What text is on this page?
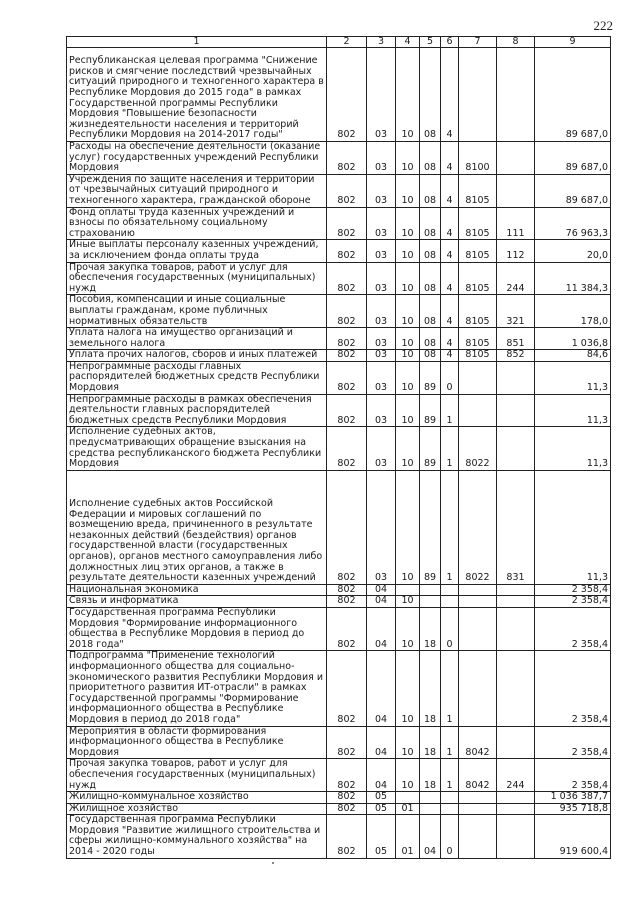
222
1	2	3	4	5	6	7	8	9
Республиканская целевая программа "Снижение рисков и смягчение последствий чрезвычайных ситуаций природного и техногенного характера в Республике Мордовия до 2015 года" в рамках Государственной программы Республики Мордовия "Повышение безопасности жизнедеятельности населения и территорий Республики Мордовия на 2014-2017 годы"	802	03	10	08	4			89 687,0
Расходы на обеспечение деятельности (оказание услуг) государственных учреждений Республики Мордовия	802	03	10	08	4	8100		89 687,0
Учреждения по защите населения и территории от чрезвычайных ситуаций природного и техногенного характера, гражданской обороне	802	03	10	08	4	8105		89 687,0
Фонд оплаты труда казенных учреждений и взносы по обязательному социальному страхованию	802	03	10	08	4	8105	111	76 963,3
Иные выплаты персоналу казенных учреждений, за исключением фонда оплаты труда	802	03	10	08	4	8105	112	20,0
Прочая закупка товаров, работ и услуг для обеспечения государственных (муниципальных) нужд	802	03	10	08	4	8105	244	11 384,3
Пособия, компенсации и иные социальные выплаты гражданам, кроме публичных нормативных обязательств	802	03	10	08	4	8105	321	178,0
Уплата налога на имущество организаций и земельного налога	802	03	10	08	4	8105	851	1 036,8
Уплата прочих налогов, сборов и иных платежей	802	03	10	08	4	8105	852	84,6
Непрограммные расходы главных распорядителей бюджетных средств Республики Мордовия	802	03	10	89	0			11,3
Непрограммные расходы в рамках обеспечения деятельности главных распорядителей бюджетных средств Республики Мордовия	802	03	10	89	1			11,3
Исполнение судебных актов, предусматривающих обращение взыскания на средства республиканского бюджета Республики Мордовия	802	03	10	89	1	8022		11,3
Исполнение судебных актов Российской Федерации и мировых соглашений по возмещению вреда, причиненного в результате незаконных действий (бездействия) органов государственной власти (государственных органов), органов местного самоуправления либо должностных лиц этих органов, а также в результате деятельности казенных учреждений	802	03	10	89	1	8022	831	11,3
Национальная экономика	802	04						2 358,4
Связь и информатика	802	04	10					2 358,4
Государственная программа Республики Мордовия "Формирование информационного общества в Республике Мордовия в период до 2018 года"	802	04	10	18	0			2 358,4
Подпрограмма "Применение технологий информационного общества для социально-экономического развития Республики Мордовия и приоритетного развития ИТ-отрасли" в рамках Государственной программы "Формирование информационного общества в Республике Мордовия в период до 2018 года"	802	04	10	18	1			2 358,4
Мероприятия в области формирования информационного общества в Республике Мордовия	802	04	10	18	1	8042		2 358,4
Прочая закупка товаров, работ и услуг для обеспечения государственных (муниципальных) нужд	802	04	10	18	1	8042	244	2 358,4
Жилищно-коммунальное хозяйство	802	05						1 036 387,7
Жилищное хозяйство	802	05	01					935 718,8
Государственная программа Республики Мордовия "Развитие жилищного строительства и сферы жилищно-коммунального хозяйства" на 2014 - 2020 годы	802	05	01	04	0			919 600,4
